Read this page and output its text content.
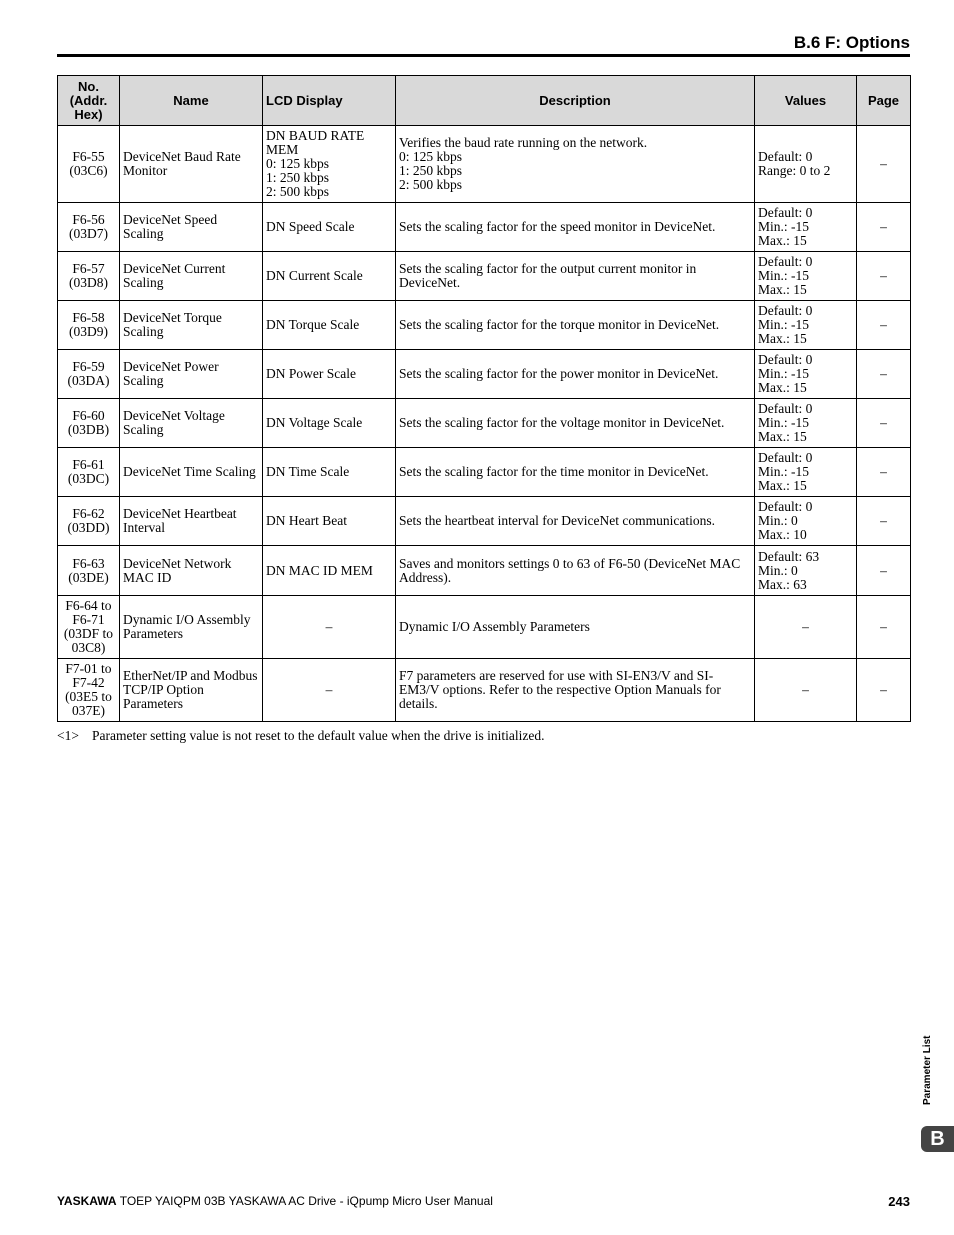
B.6 F: Options
No.
(Addr.
Hex)	Name	LCD Display	Description	Values	Page
F6-55
(03C6)	DeviceNet Baud Rate Monitor	DN BAUD RATE MEM
0: 125 kbps
1: 250 kbps
2: 500 kbps	Verifies the baud rate running on the network.
0: 125 kbps
1: 250 kbps
2: 500 kbps	Default: 0
Range: 0 to 2	–
F6-56
(03D7)	DeviceNet Speed Scaling	DN Speed Scale	Sets the scaling factor for the speed monitor in DeviceNet.	Default: 0
Min.: -15
Max.: 15	–
F6-57
(03D8)	DeviceNet Current Scaling	DN Current Scale	Sets the scaling factor for the output current monitor in DeviceNet.	Default: 0
Min.: -15
Max.: 15	–
F6-58
(03D9)	DeviceNet Torque Scaling	DN Torque Scale	Sets the scaling factor for the torque monitor in DeviceNet.	Default: 0
Min.: -15
Max.: 15	–
F6-59
(03DA)	DeviceNet Power Scaling	DN Power Scale	Sets the scaling factor for the power monitor in DeviceNet.	Default: 0
Min.: -15
Max.: 15	–
F6-60
(03DB)	DeviceNet Voltage Scaling	DN Voltage Scale	Sets the scaling factor for the voltage monitor in DeviceNet.	Default: 0
Min.: -15
Max.: 15	–
F6-61
(03DC)	DeviceNet Time Scaling	DN Time Scale	Sets the scaling factor for the time monitor in DeviceNet.	Default: 0
Min.: -15
Max.: 15	–
F6-62
(03DD)	DeviceNet Heartbeat Interval	DN Heart Beat	Sets the heartbeat interval for DeviceNet communications.	Default: 0
Min.: 0
Max.: 10	–
F6-63
(03DE)	DeviceNet Network MAC ID	DN MAC ID MEM	Saves and monitors settings 0 to 63 of F6-50 (DeviceNet MAC Address).	Default: 63
Min.: 0
Max.: 63	–
F6-64 to
F6-71
(03DF to
03C8)	Dynamic I/O Assembly Parameters	–	Dynamic I/O Assembly Parameters	–	–
F7-01 to
F7-42
(03E5 to
037E)	EtherNet/IP and Modbus TCP/IP Option Parameters	–	F7 parameters are reserved for use with SI-EN3/V and SI-EM3/V options. Refer to the respective Option Manuals for details.	–	–
<1> Parameter setting value is not reset to the default value when the drive is initialized.
Parameter List
B
YASKAWA TOEP YAIQPM 03B YASKAWA AC Drive - iQpump Micro User Manual	243
